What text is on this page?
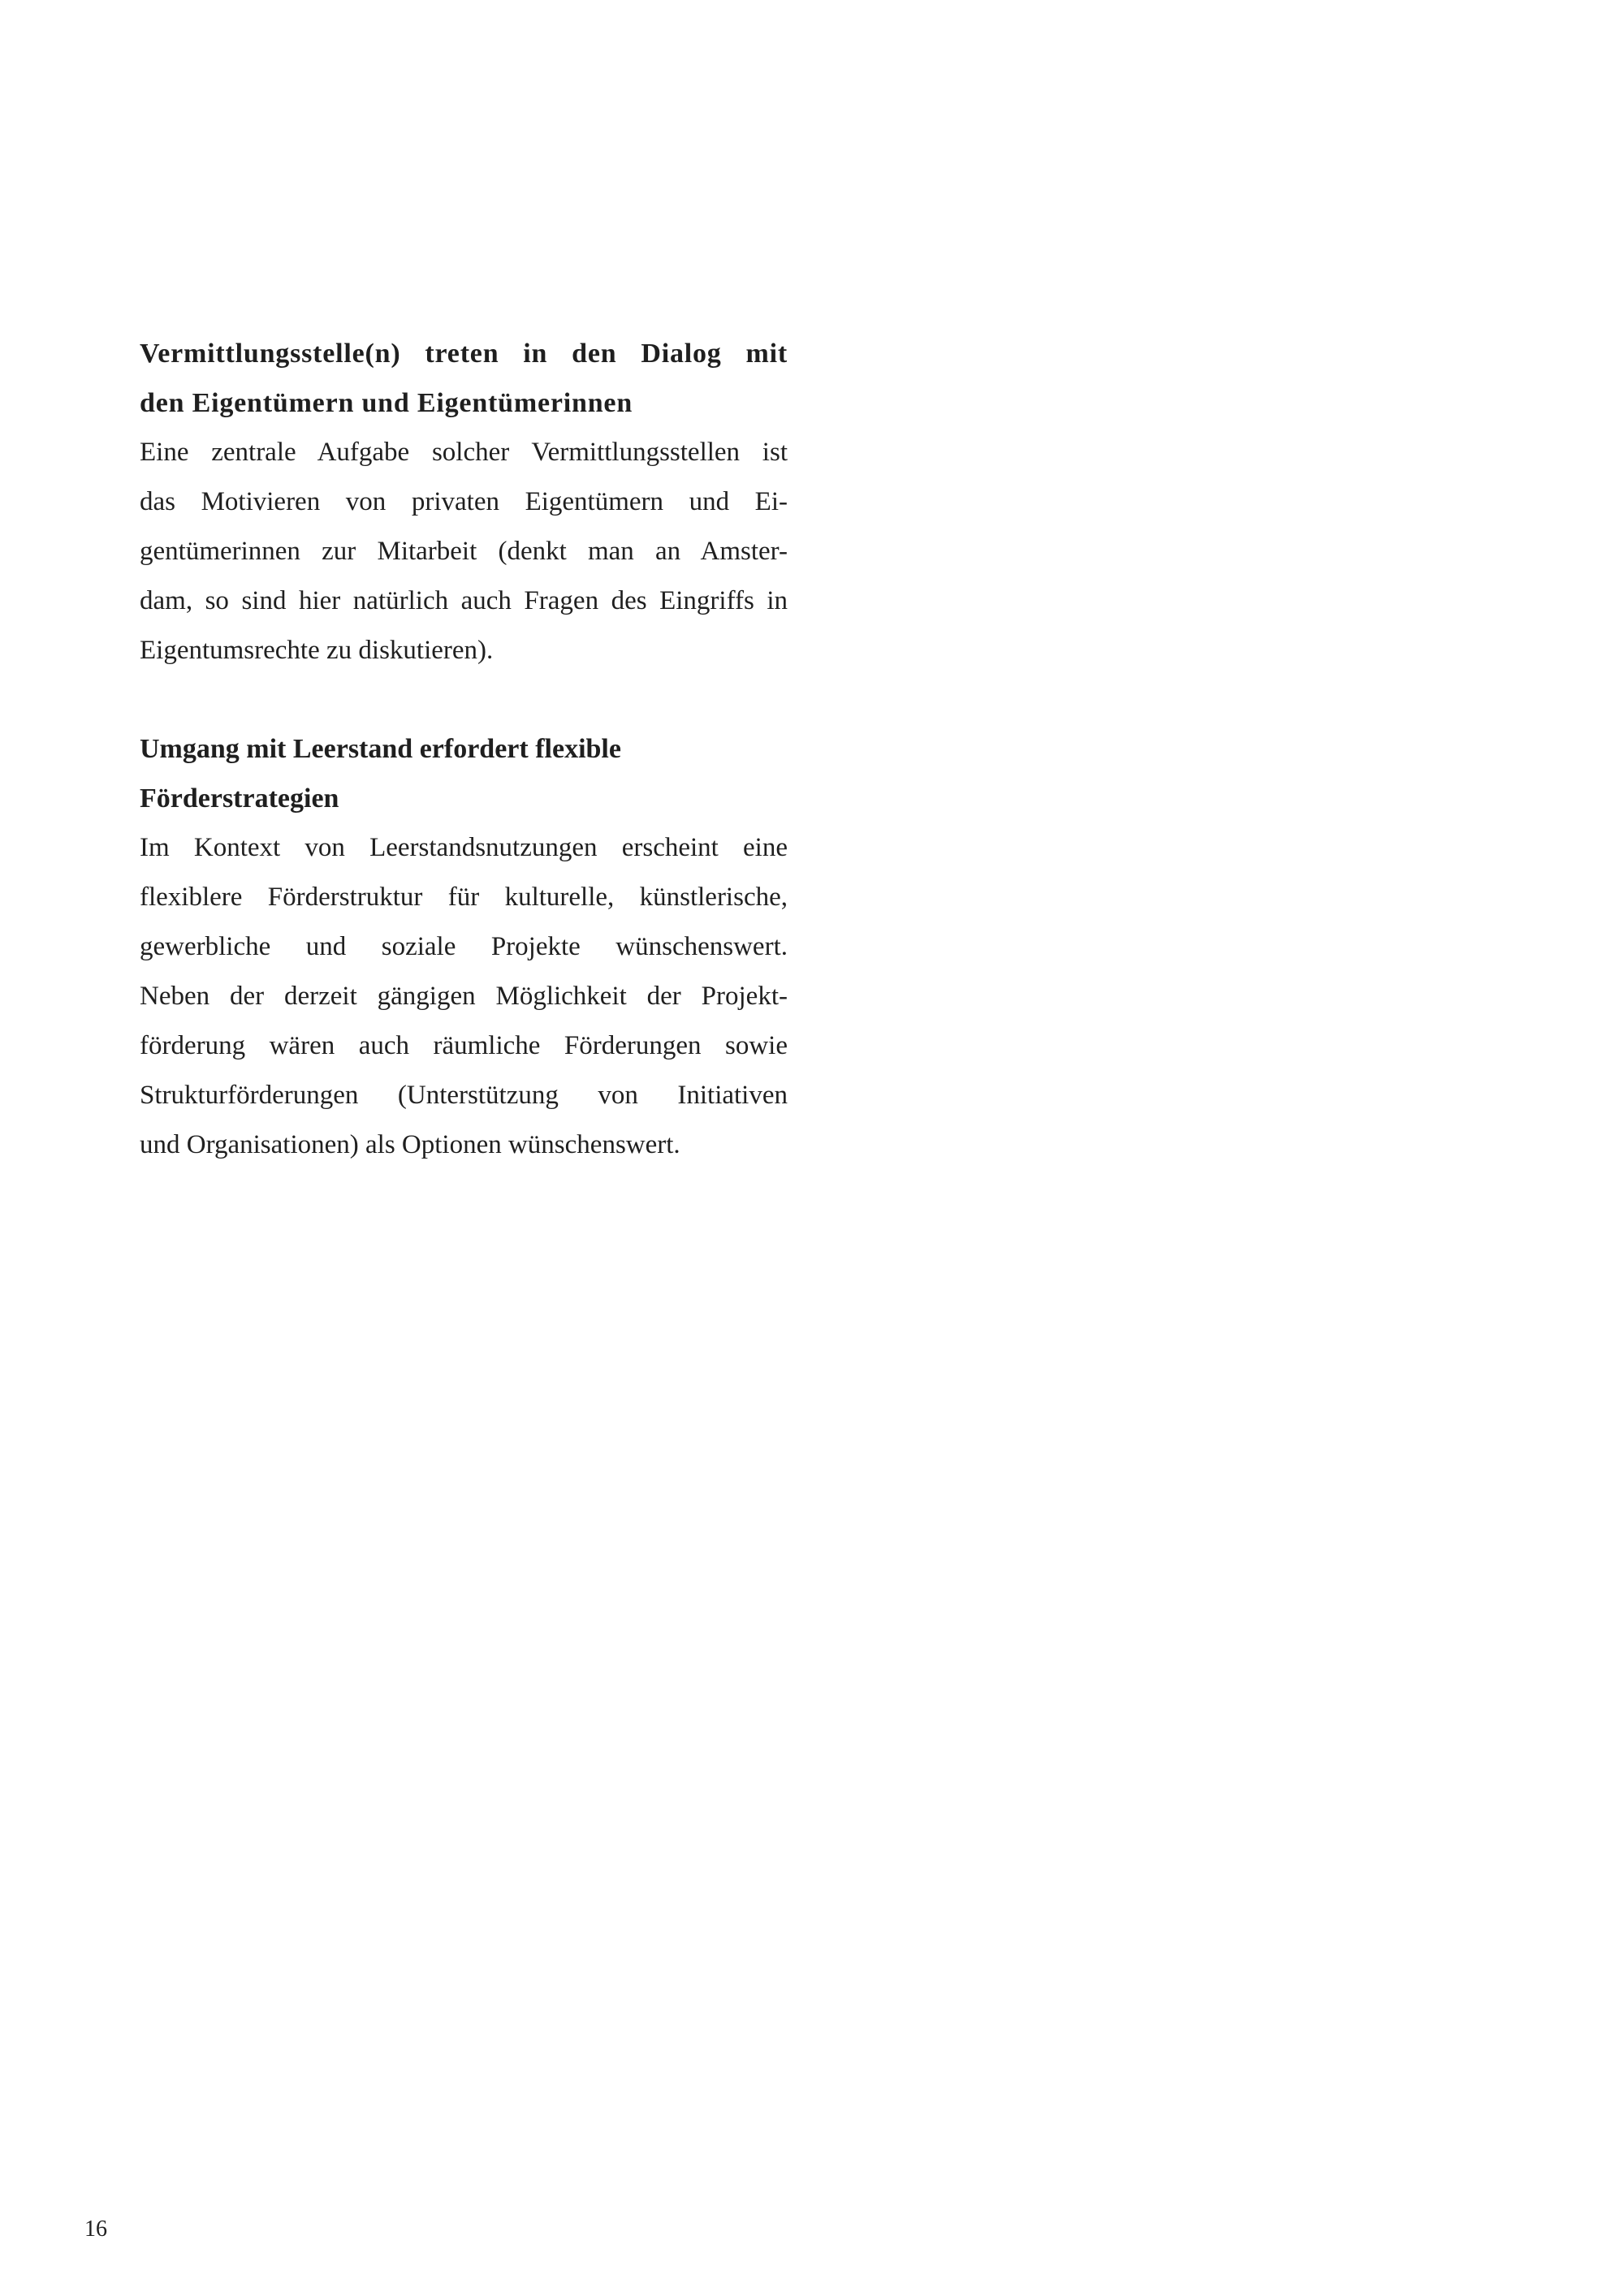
Vermittlungsstelle(n) treten in den Dialog mit
den Eigentümern und Eigentümerinnen

Eine zentrale Aufgabe solcher Vermittlungsstellen ist
das Motivieren von privaten Eigentümern und Ei-
gentümerinnen zur Mitarbeit (denkt man an Amster-
dam, so sind hier natürlich auch Fragen des Eingriffs in
Eigentumsrechte zu diskutieren).

Umgang mit Leerstand erfordert flexible
Förderstrategien

Im Kontext von Leerstandsnutzungen erscheint eine
flexiblere Förderstruktur für kulturelle, künstlerische,
gewerbliche und soziale Projekte wünschenswert.
Neben der derzeit gängigen Möglichkeit der Projekt-
förderung wären auch räumliche Förderungen sowie
Strukturförderungen (Unterstützung von Initiativen
und Organisationen) als Optionen wünschenswert.

16
